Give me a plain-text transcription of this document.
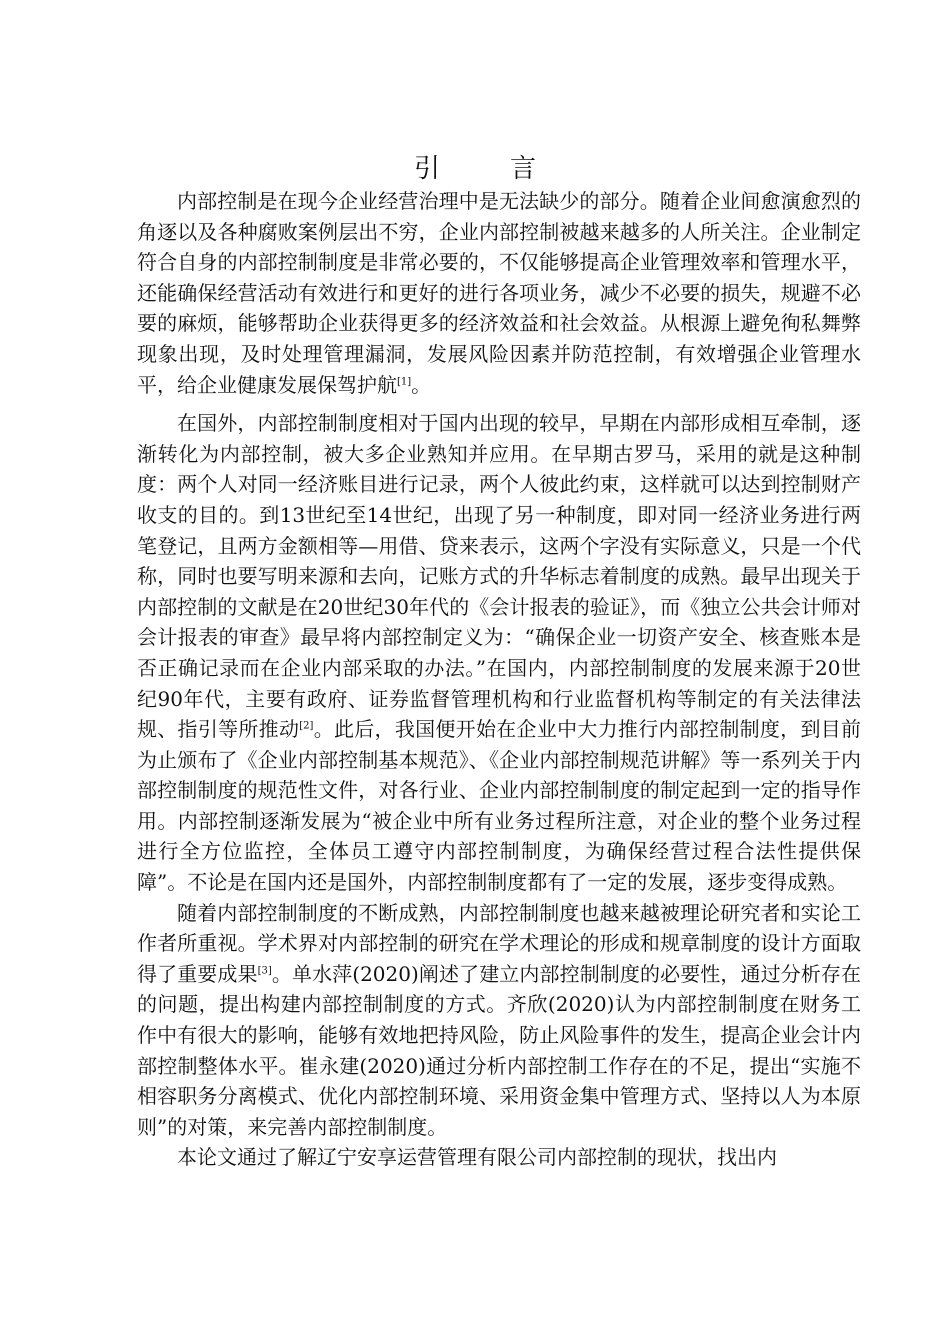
引　言

内部控制是在现今企业经营治理中是无法缺少的部分。随着企业间愈演愈烈的角逐以及各种腐败案例层出不穷，企业内部控制被越来越多的人所关注。企业制定符合自身的内部控制制度是非常必要的，不仅能够提高企业管理效率和管理水平，还能确保经营活动有效进行和更好的进行各项业务，减少不必要的损失，规避不必要的麻烦，能够帮助企业获得更多的经济效益和社会效益。从根源上避免徇私舞弊现象出现，及时处理管理漏洞，发展风险因素并防范控制，有效增强企业管理水平，给企业健康发展保驾护航[1]。

在国外，内部控制制度相对于国内出现的较早，早期在内部形成相互牵制，逐渐转化为内部控制，被大多企业熟知并应用。在早期古罗马，采用的就是这种制度：两个人对同一经济账目进行记录，两个人彼此约束，这样就可以达到控制财产收支的目的。到13世纪至14世纪，出现了另一种制度，即对同一经济业务进行两笔登记，且两方金额相等—用借、贷来表示，这两个字没有实际意义，只是一个代称，同时也要写明来源和去向，记账方式的升华标志着制度的成熟。最早出现关于内部控制的文献是在20世纪30年代的《会计报表的验证》，而《独立公共会计师对会计报表的审查》最早将内部控制定义为：“确保企业一切资产安全、核查账本是否正确记录而在企业内部采取的办法。”在国内，内部控制制度的发展来源于20世纪90年代，主要有政府、证券监督管理机构和行业监督机构等制定的有关法律法规、指引等所推动[2]。此后，我国便开始在企业中大力推行内部控制制度，到目前为止颁布了《企业内部控制基本规范》、《企业内部控制规范讲解》等一系列关于内部控制制度的规范性文件，对各行业、企业内部控制制度的制定起到一定的指导作用。内部控制逐渐发展为“被企业中所有业务过程所注意，对企业的整个业务过程进行全方位监控，全体员工遵守内部控制制度，为确保经营过程合法性提供保障”。不论是在国内还是国外，内部控制制度都有了一定的发展，逐步变得成熟。

随着内部控制制度的不断成熟，内部控制制度也越来越被理论研究者和实论工作者所重视。学术界对内部控制的研究在学术理论的形成和规章制度的设计方面取得了重要成果[3]。单水萍(2020)阐述了建立内部控制制度的必要性，通过分析存在的问题，提出构建内部控制制度的方式。齐欣(2020)认为内部控制制度在财务工作中有很大的影响，能够有效地把持风险，防止风险事件的发生，提高企业会计内部控制整体水平。崔永建(2020)通过分析内部控制工作存在的不足，提出“实施不相容职务分离模式、优化内部控制环境、采用资金集中管理方式、坚持以人为本原则”的对策，来完善内部控制制度。

本论文通过了解辽宁安享运营管理有限公司内部控制的现状，找出内
